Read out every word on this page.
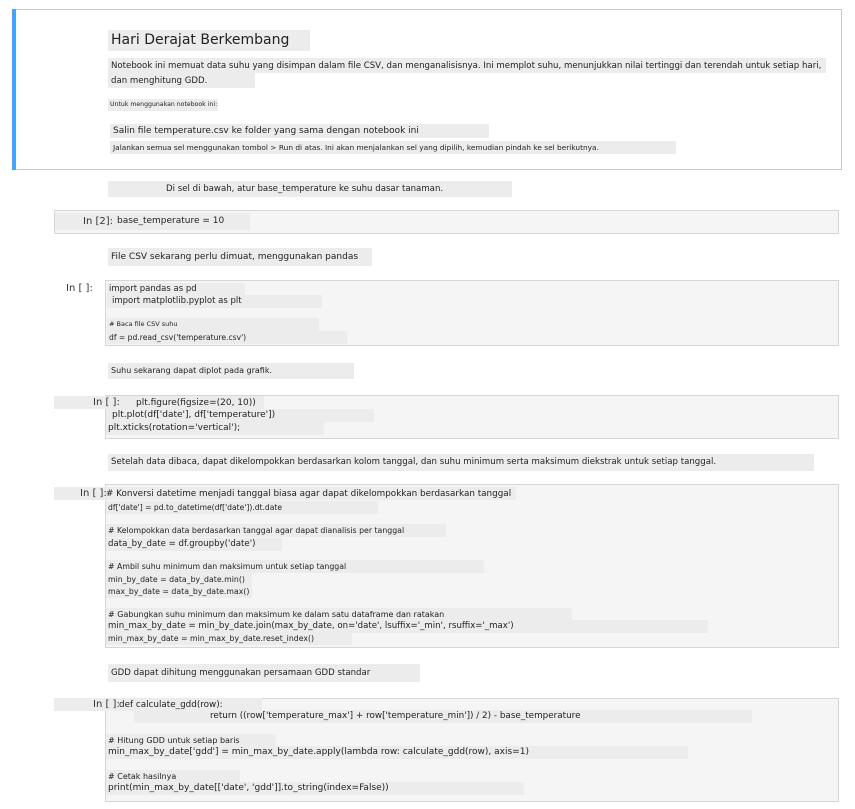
Hari Derajat Berkembang
Notebook ini memuat data suhu yang disimpan dalam file CSV, dan menganalisisnya. Ini memplot suhu, menunjukkan nilai tertinggi dan terendah untuk setiap hari, dan menghitung GDD.
Untuk menggunakan notebook ini:
Salin file temperature.csv ke folder yang sama dengan notebook ini
Jalankan semua sel menggunakan tombol > Run di atas. Ini akan menjalankan sel yang dipilih, kemudian pindah ke sel berikutnya.
Di sel di bawah, atur base_temperature ke suhu dasar tanaman.
In [2]: base_temperature = 10
File CSV sekarang perlu dimuat, menggunakan pandas
In [ ]: import pandas as pd
import matplotlib.pyplot as plt
# Baca file CSV suhu
df = pd.read_csv('temperature.csv')
Suhu sekarang dapat diplot pada grafik.
In [ ]: plt.figure(figsize=(20, 10))
plt.plot(df['date'], df['temperature'])
plt.xticks(rotation='vertical');
Setelah data dibaca, dapat dikelompokkan berdasarkan kolom tanggal, dan suhu minimum serta maksimum diekstrak untuk setiap tanggal.
In [ ]: # Konversi datetime menjadi tanggal biasa agar dapat dikelompokkan berdasarkan tanggal
df['date'] = pd.to_datetime(df['date']).dt.date
# Kelompokkan data berdasarkan tanggal agar dapat dianalisis per tanggal
data_by_date = df.groupby('date')
# Ambil suhu minimum dan maksimum untuk setiap tanggal
min_by_date = data_by_date.min()
max_by_date = data_by_date.max()
# Gabungkan suhu minimum dan maksimum ke dalam satu dataframe dan ratakan
min_max_by_date = min_by_date.join(max_by_date, on='date', lsuffix='_min', rsuffix='_max')
min_max_by_date = min_max_by_date.reset_index()
GDD dapat dihitung menggunakan persamaan GDD standar
In [ ]: def calculate_gdd(row):
return ((row['temperature_max'] + row['temperature_min']) / 2) - base_temperature
# Hitung GDD untuk setiap baris
min_max_by_date['gdd'] = min_max_by_date.apply(lambda row: calculate_gdd(row), axis=1)
# Cetak hasilnya
print(min_max_by_date[['date', 'gdd']].to_string(index=False))
